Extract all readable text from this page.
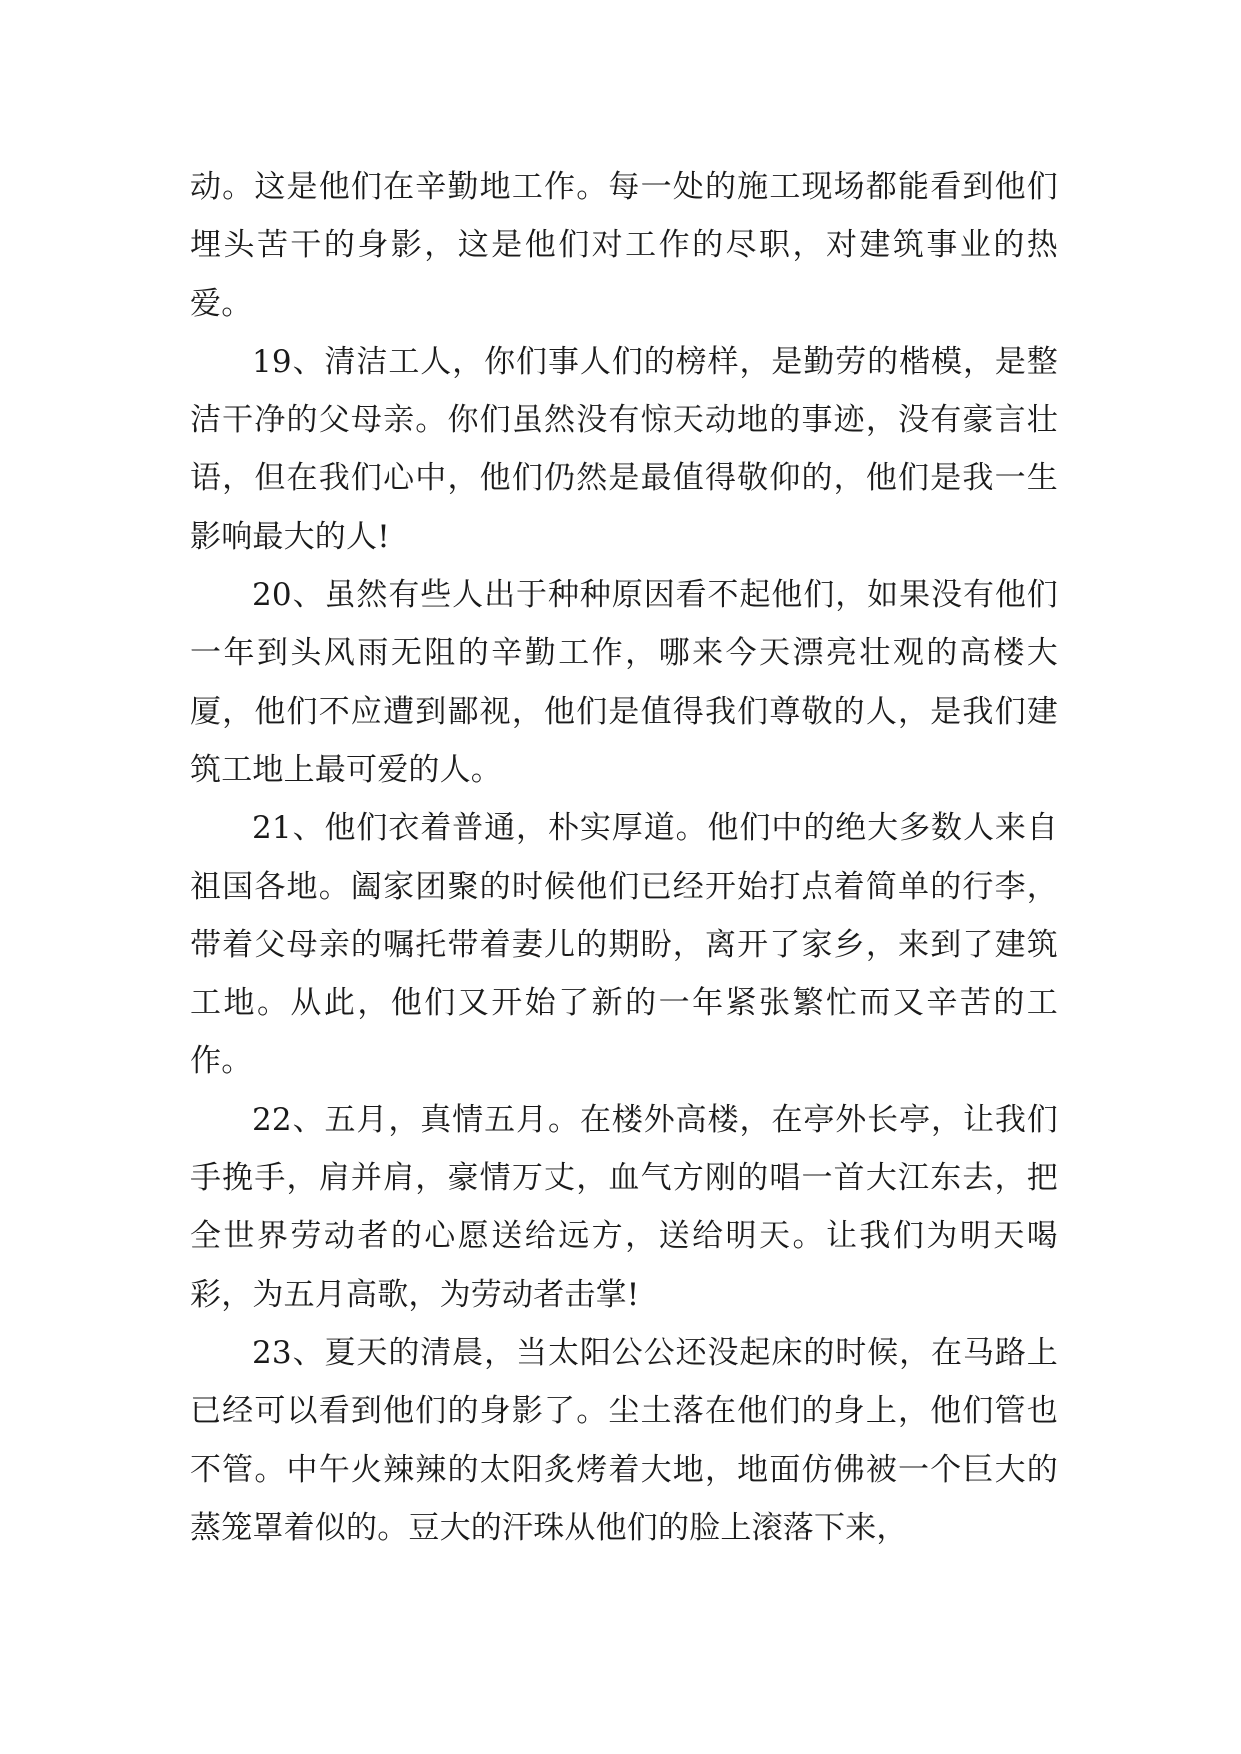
动。这是他们在辛勤地工作。每一处的施工现场都能看到他们埋头苦干的身影，这是他们对工作的尽职，对建筑事业的热爱。

19、清洁工人，你们事人们的榜样，是勤劳的楷模，是整洁干净的父母亲。你们虽然没有惊天动地的事迹，没有豪言壮语，但在我们心中，他们仍然是最值得敬仰的，他们是我一生影响最大的人!

20、虽然有些人出于种种原因看不起他们，如果没有他们一年到头风雨无阻的辛勤工作，哪来今天漂亮壮观的高楼大厦，他们不应遭到鄙视，他们是值得我们尊敬的人，是我们建筑工地上最可爱的人。

21、他们衣着普通，朴实厚道。他们中的绝大多数人来自祖国各地。阖家团聚的时候他们已经开始打点着简单的行李，带着父母亲的嘱托带着妻儿的期盼，离开了家乡，来到了建筑工地。从此，他们又开始了新的一年紧张繁忙而又辛苦的工作。

22、五月，真情五月。在楼外高楼，在亭外长亭，让我们手挽手，肩并肩，豪情万丈，血气方刚的唱一首大江东去，把全世界劳动者的心愿送给远方，送给明天。让我们为明天喝彩，为五月高歌，为劳动者击掌!

23、夏天的清晨，当太阳公公还没起床的时候，在马路上已经可以看到他们的身影了。尘土落在他们的身上，他们管也不管。中午火辣辣的太阳炙烤着大地，地面仿佛被一个巨大的蒸笼罩着似的。豆大的汗珠从他们的脸上滚落下来，
